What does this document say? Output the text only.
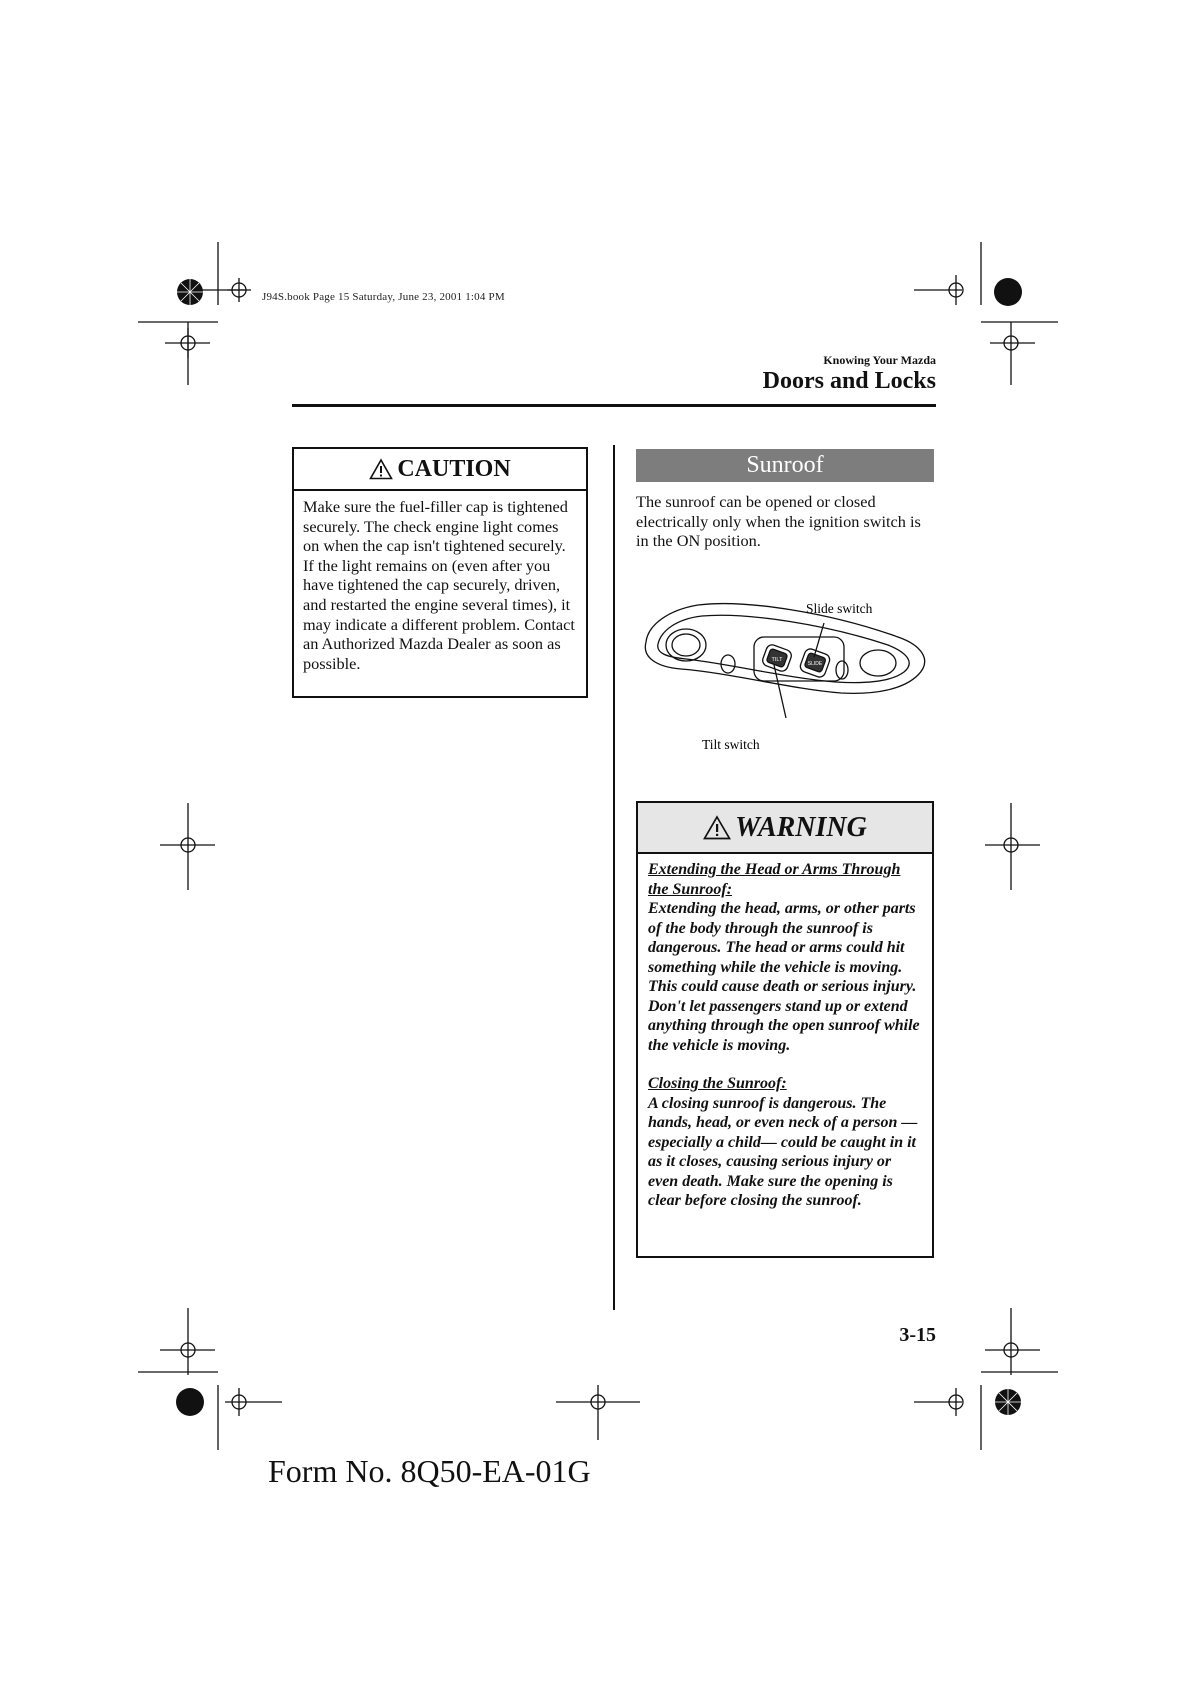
J94S.book Page 15 Saturday, June 23, 2001 1:04 PM
Knowing Your Mazda
Doors and Locks
CAUTION
Make sure the fuel-filler cap is tightened securely. The check engine light comes on when the cap isn't tightened securely. If the light remains on (even after you have tightened the cap securely, driven, and restarted the engine several times), it may indicate a different problem. Contact an Authorized Mazda Dealer as soon as possible.
Sunroof
The sunroof can be opened or closed electrically only when the ignition switch is in the ON position.
TILT
SLIDE
Slide switch
Tilt switch
WARNING
Extending the Head or Arms Through the Sunroof:
Extending the head, arms, or other parts of the body through the sunroof is dangerous. The head or arms could hit something while the vehicle is moving. This could cause death or serious injury. Don't let passengers stand up or extend anything through the open sunroof while the vehicle is moving.
Closing the Sunroof:
A closing sunroof is dangerous. The hands, head, or even neck of a person —especially a child— could be caught in it as it closes, causing serious injury or even death. Make sure the opening is clear before closing the sunroof.
3-15
Form No. 8Q50-EA-01G
